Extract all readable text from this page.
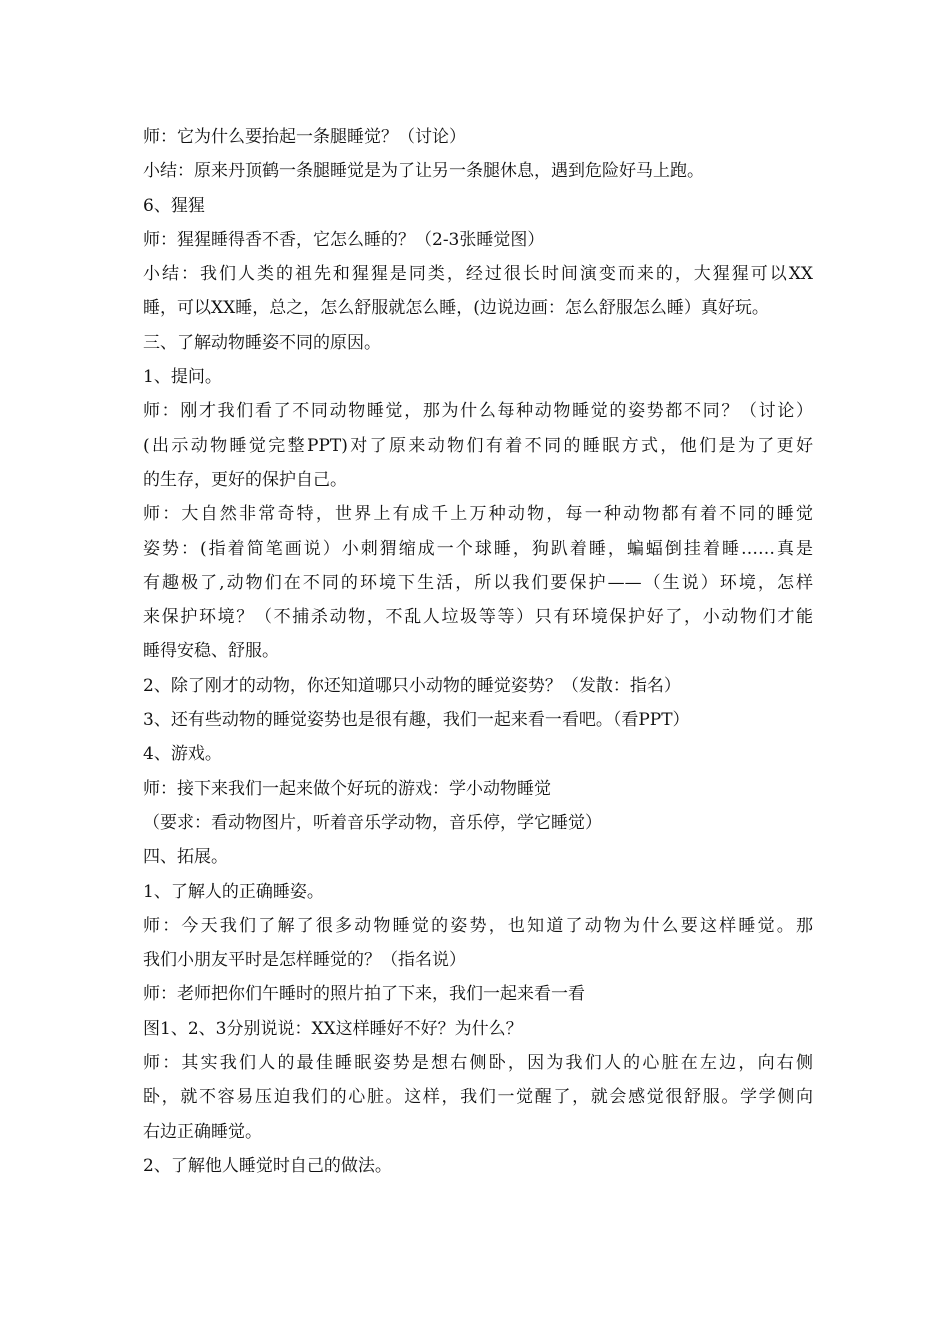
师：它为什么要抬起一条腿睡觉？（讨论）
小结：原来丹顶鹤一条腿睡觉是为了让另一条腿休息，遇到危险好马上跑。
6、猩猩
师：猩猩睡得香不香，它怎么睡的？（2-3张睡觉图）
小结：我们人类的祖先和猩猩是同类，经过很长时间演变而来的，大猩猩可以XX
睡，可以XX睡，总之，怎么舒服就怎么睡，(边说边画：怎么舒服怎么睡）真好玩。
三、了解动物睡姿不同的原因。
1、提问。
师：刚才我们看了不同动物睡觉，那为什么每种动物睡觉的姿势都不同？（讨论）
(出示动物睡觉完整PPT)对了原来动物们有着不同的睡眠方式，他们是为了更好
的生存，更好的保护自己。
师：大自然非常奇特，世界上有成千上万种动物，每一种动物都有着不同的睡觉
姿势：(指着简笔画说）小刺猬缩成一个球睡，狗趴着睡，蝙蝠倒挂着睡……真是
有趣极了,动物们在不同的环境下生活，所以我们要保护——（生说）环境，怎样
来保护环境？（不捕杀动物，不乱人垃圾等等）只有环境保护好了，小动物们才能
睡得安稳、舒服。
2、除了刚才的动物，你还知道哪只小动物的睡觉姿势？（发散：指名）
3、还有些动物的睡觉姿势也是很有趣，我们一起来看一看吧。（看PPT）
4、游戏。
师：接下来我们一起来做个好玩的游戏：学小动物睡觉
（要求：看动物图片，听着音乐学动物，音乐停，学它睡觉）
四、拓展。
1、了解人的正确睡姿。
师：今天我们了解了很多动物睡觉的姿势，也知道了动物为什么要这样睡觉。那
我们小朋友平时是怎样睡觉的？（指名说）
师：老师把你们午睡时的照片拍了下来，我们一起来看一看
图1、2、3分别说说：XX这样睡好不好？为什么？
师：其实我们人的最佳睡眠姿势是想右侧卧，因为我们人的心脏在左边，向右侧
卧，就不容易压迫我们的心脏。这样，我们一觉醒了，就会感觉很舒服。学学侧向
右边正确睡觉。
2、了解他人睡觉时自己的做法。
